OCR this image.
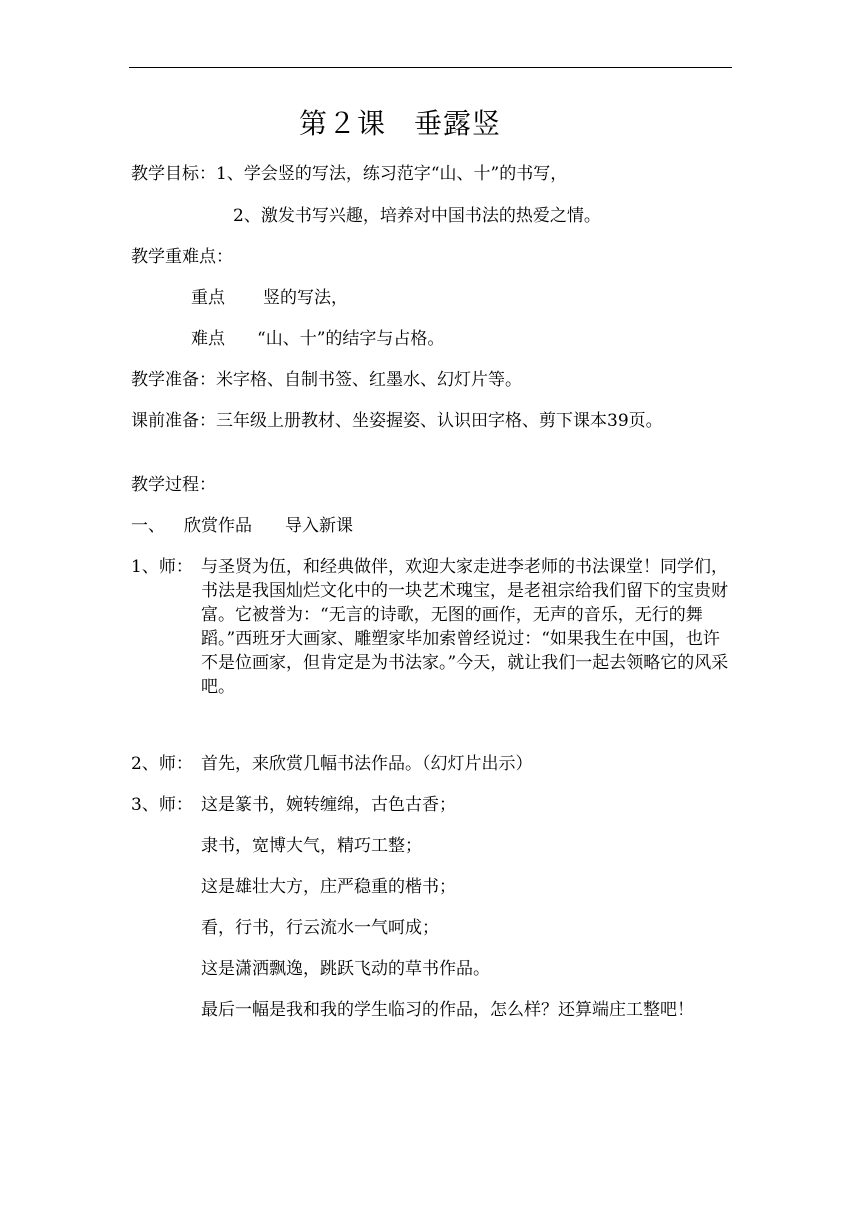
第２课 垂露竖
教学目标：1、学会竖的写法，练习范字“山、十”的书写，
2、激发书写兴趣，培养对中国书法的热爱之情。
教学重难点：
重点 竖的写法，
难点 “山、十”的结字与占格。
教学准备：米字格、自制书签、红墨水、幻灯片等。
课前准备：三年级上册教材、坐姿握姿、认识田字格、剪下课本39页。
教学过程：
一、 欣赏作品 导入新课
1、师： 与圣贤为伍，和经典做伴，欢迎大家走进李老师的书法课堂！同学们，书法是我国灿烂文化中的一块艺术瑰宝，是老祖宗给我们留下的宝贵财富。它被誉为：“无言的诗歌，无图的画作，无声的音乐，无行的舞蹈。”西班牙大画家、雕塑家毕加索曾经说过：“如果我生在中国，也许不是位画家，但肯定是为书法家。”今天，就让我们一起去领略它的风采吧。
2、师： 首先，来欣赏几幅书法作品。（幻灯片出示）
3、师： 这是篆书，婉转缠绵，古色古香；
隶书，宽博大气，精巧工整；
这是雄壮大方，庄严稳重的楷书；
看，行书，行云流水一气呵成；
这是潇洒飘逸，跳跃飞动的草书作品。
最后一幅是我和我的学生临习的作品，怎么样？还算端庄工整吧！
